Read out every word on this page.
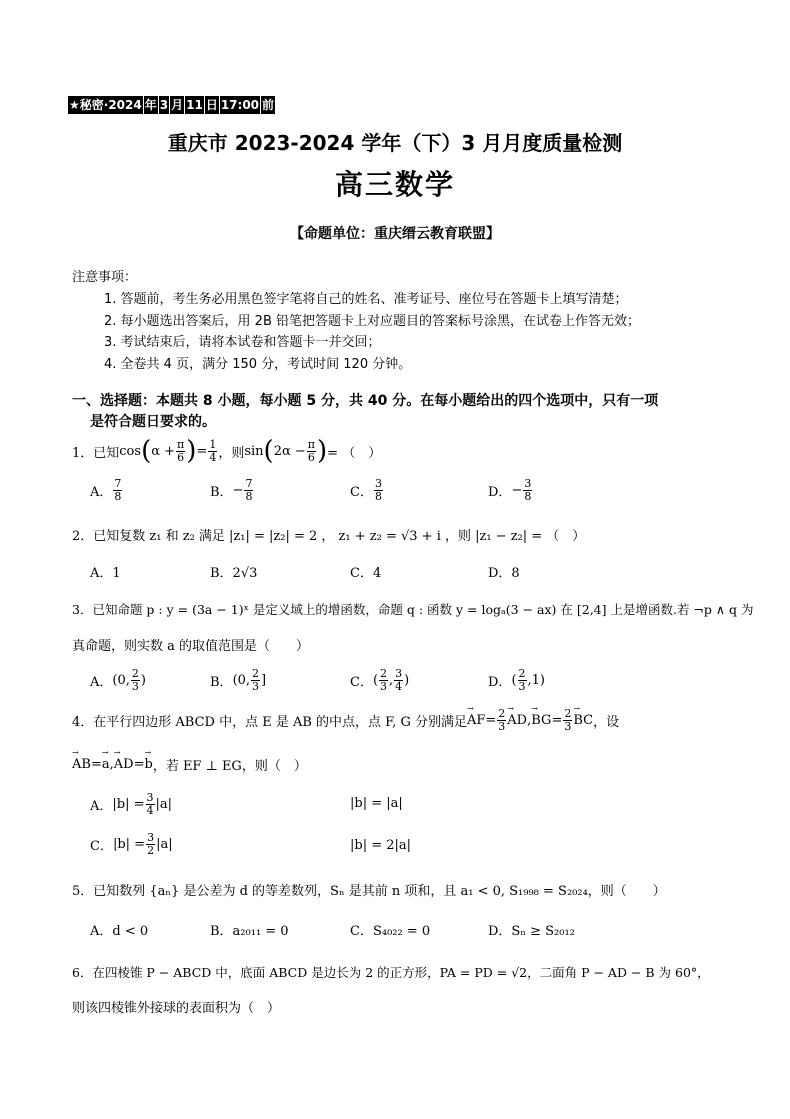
★秘密·2024 年 3 月 11 日 17:00 前
重庆市 2023-2024 学年（下）3 月月度质量检测
高三数学
【命题单位：重庆缙云教育联盟】
注意事项：
1. 答题前，考生务必用黑色签字笔将自己的姓名、准考证号、座位号在答题卡上填写清楚；
2. 每小题选出答案后，用 2B 铅笔把答题卡上对应题目的答案标号涂黑，在试卷上作答无效；
3. 考试结束后，请将本试卷和答题卡一并交回；
4. 全卷共 4 页，满分 150 分，考试时间 120 分钟。
一、选择题：本题共 8 小题，每小题 5 分，共 40 分。在每小题给出的四个选项中，只有一项
是符合题日要求的。
1．已知 cos ( $\alpha + \frac{\pi}{6}$ ) = $\frac{1}{4}$ ，则 sin ( $2\alpha - \frac{\pi}{6}$ ) = （　）
A． $\frac{7}{8}$	B． − $\frac{7}{8}$	C． $\frac{3}{8}$	D． − $\frac{3}{8}$
2．已知复数 z₁ 和 z₂ 满足 |z₁| = |z₂| = 2 ， z₁ + z₂ = √3 + i ，则 |z₁ − z₂| = （　）
A．1	B．2√3	C．4	D．8
3．已知命题 p : y = (3a − 1)ˣ 是定义域上的增函数，命题 q : 函数 y = logₐ(3 − ax) 在 [2,4] 上是增函数.若 ¬p ∧ q 为
真命题，则实数 a 的取值范围是（　　）
A． (0, $\frac{2}{3}$ )	B． (0, $\frac{2}{3}$ ]	C． ( $\frac{2}{3}$ , $\frac{3}{4}$ )	D． ( $\frac{2}{3} ,1$)
4．在平行四边形 ABCD 中，点 E 是 AB 的中点，点 F, G 分别满足 → AF = $\frac{2}{3}$ → AD , → BG = $\frac{2}{3}$ → BC ，设
→ AB = → a , → AD = → b ，若 EF ⊥ EG，则（　）
A． $|b| = \frac{3}{4} |a|$	|b| = |a|
C． $|b| = \frac{3}{2} |a|$	|b| = 2|a|
5．已知数列 {aₙ} 是公差为 d 的等差数列，Sₙ 是其前 n 项和，且 a₁ < 0, S₁₉₉₈ = S₂₀₂₄，则（　　）
A．d < 0	B．a₂₀₁₁ = 0	C．S₄₀₂₂ = 0	D．Sₙ ≥ S₂₀₁₂
6．在四棱锥 P − ABCD 中，底面 ABCD 是边长为 2 的正方形，PA = PD = √2，二面角 P − AD − B 为 60°，
则该四棱锥外接球的表面积为（　）
